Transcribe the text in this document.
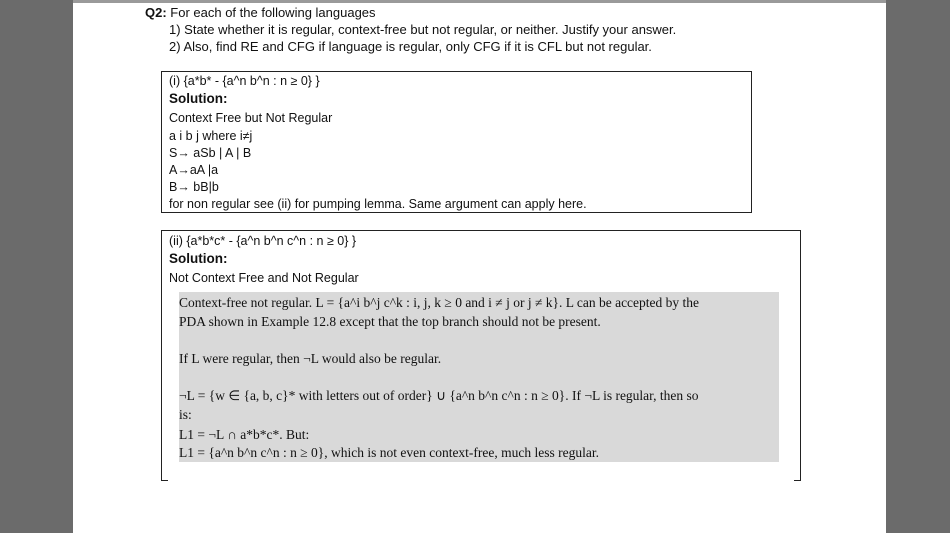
Q2: For each of the following languages
1) State whether it is regular, context-free but not regular, or neither. Justify your answer.
2) Also, find RE and CFG if language is regular, only CFG if it is CFL but not regular.
(i) {a*b* - {a^n b^n : n ≥ 0} }
Solution:
Context Free but Not Regular
a i b j where i≠j
S→ aSb | A | B
A→aA |a
B→ bB|b
for non regular see (ii) for pumping lemma. Same argument can apply here.
(ii) {a*b*c* - {a^n b^n c^n : n ≥ 0} }
Solution:
Not Context Free and Not Regular
Context-free not regular. L = {a^i b^j c^k : i, j, k ≥ 0 and i ≠ j or j ≠ k}. L can be accepted by the
PDA shown in Example 12.8 except that the top branch should not be present.
If L were regular, then ¬L would also be regular.
¬L = {w ∈ {a, b, c}* with letters out of order} ∪ {a^n b^n c^n : n ≥ 0}. If ¬L is regular, then so
is:
L1 = ¬L ∩ a*b*c*. But:
L1 = {a^n b^n c^n : n ≥ 0}, which is not even context-free, much less regular.
